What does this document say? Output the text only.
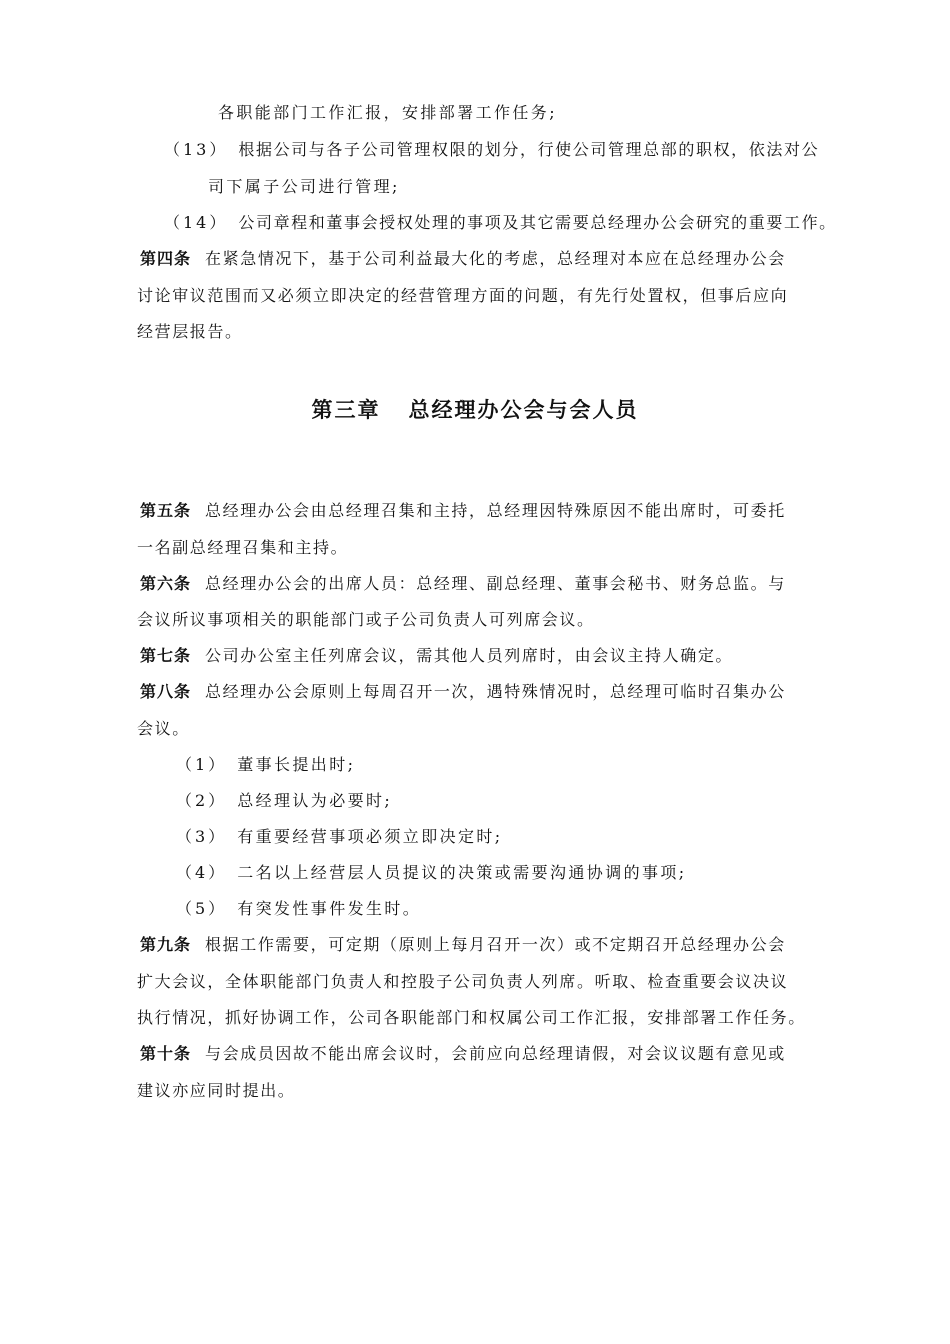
各职能部门工作汇报，安排部署工作任务;
（13） 根据公司与各子公司管理权限的划分，行使公司管理总部的职权，依法对公
司下属子公司进行管理;
（14） 公司章程和董事会授权处理的事项及其它需要总经理办公会研究的重要工作。
第四条 在紧急情况下，基于公司利益最大化的考虑，总经理对本应在总经理办公会
讨论审议范围而又必须立即决定的经营管理方面的问题，有先行处置权，但事后应向
经营层报告。
第三章 总经理办公会与会人员
第五条 总经理办公会由总经理召集和主持，总经理因特殊原因不能出席时，可委托
一名副总经理召集和主持。
第六条 总经理办公会的出席人员：总经理、副总经理、董事会秘书、财务总监。与
会议所议事项相关的职能部门或子公司负责人可列席会议。
第七条 公司办公室主任列席会议，需其他人员列席时，由会议主持人确定。
第八条 总经理办公会原则上每周召开一次，遇特殊情况时，总经理可临时召集办公
会议。
（1） 董事长提出时;
（2） 总经理认为必要时;
（3） 有重要经营事项必须立即决定时;
（4） 二名以上经营层人员提议的决策或需要沟通协调的事项;
（5） 有突发性事件发生时。
第九条 根据工作需要，可定期（原则上每月召开一次）或不定期召开总经理办公会
扩大会议，全体职能部门负责人和控股子公司负责人列席。听取、检查重要会议决议
执行情况，抓好协调工作，公司各职能部门和权属公司工作汇报，安排部署工作任务。
第十条 与会成员因故不能出席会议时，会前应向总经理请假，对会议议题有意见或
建议亦应同时提出。
